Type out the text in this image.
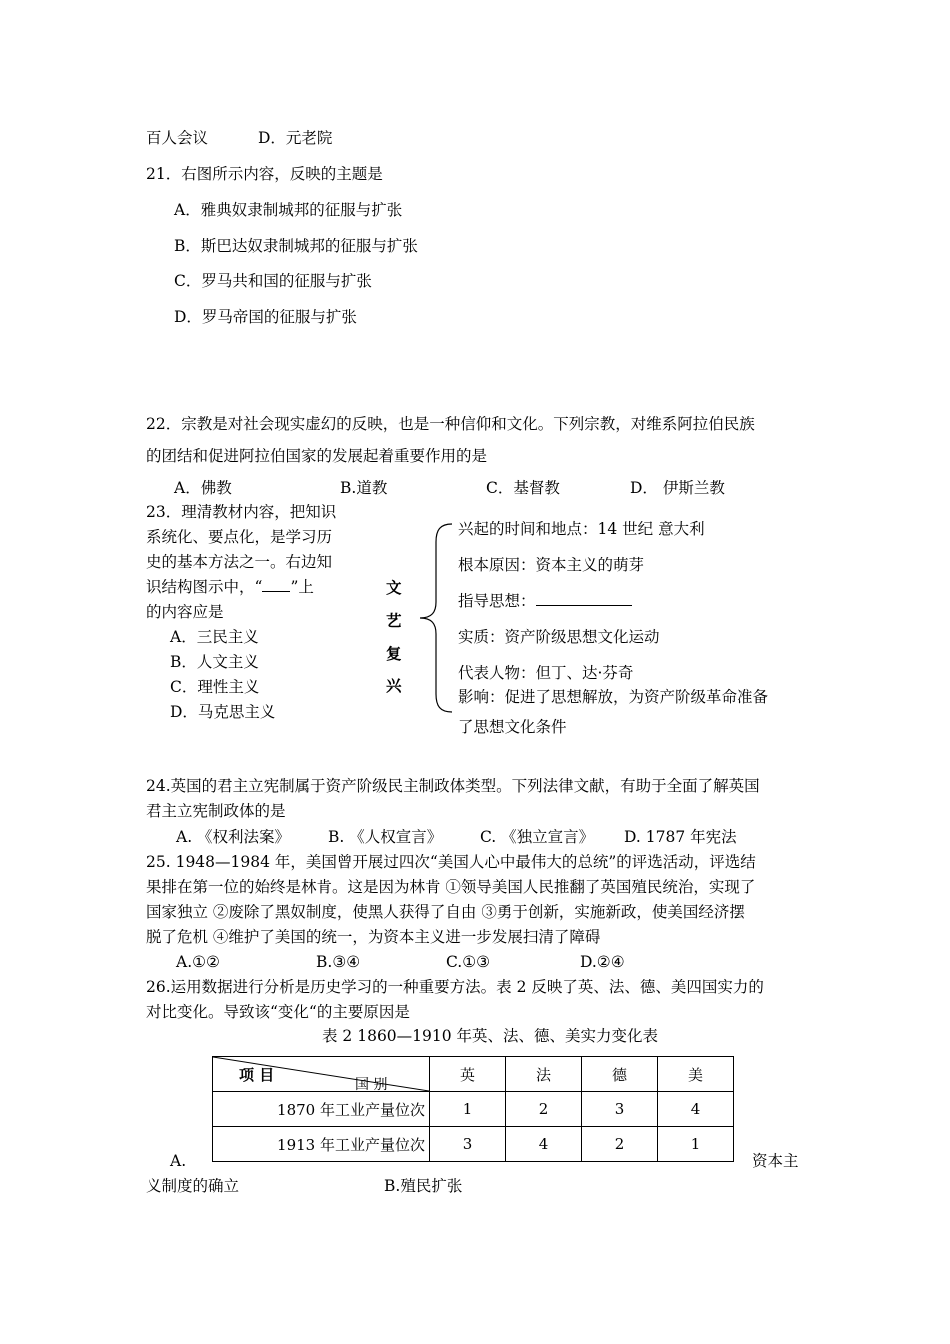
百人会议	D．元老院
21．右图所示内容，反映的主题是
A．雅典奴隶制城邦的征服与扩张
B．斯巴达奴隶制城邦的征服与扩张
C．罗马共和国的征服与扩张
D．罗马帝国的征服与扩张
22．宗教是对社会现实虚幻的反映，也是一种信仰和文化。下列宗教，对维系阿拉伯民族
的团结和促进阿拉伯国家的发展起着重要作用的是
A．佛教	B.道教	C．基督教	D． 伊斯兰教
23．理清教材内容，把知识
系统化、要点化，是学习历
史的基本方法之一。右边知
识结构图示中，“ ”上
的内容应是
A．三民主义
B．人文主义
C．理性主义
D．马克思主义
文
艺
复
兴
兴起的时间和地点：14 世纪 意大利
根本原因：资本主义的萌芽
指导思想：
实质：资产阶级思想文化运动
代表人物：但丁、达·芬奇
影响：促进了思想解放，为资产阶级革命准备
了思想文化条件
24.英国的君主立宪制属于资产阶级民主制政体类型。下列法律文献，有助于全面了解英国
君主立宪制政体的是
A. 《权利法案》 B. 《人权宣言》 C. 《独立宣言》 D. 1787 年宪法
25. 1948—1984 年，美国曾开展过四次“美国人心中最伟大的总统”的评选活动，评选结
果排在第一位的始终是林肯。这是因为林肯 ①领导美国人民推翻了英国殖民统治，实现了
国家独立 ②废除了黑奴制度，使黑人获得了自由 ③勇于创新，实施新政，使美国经济摆
脱了危机 ④维护了美国的统一，为资本主义进一步发展扫清了障碍
A.①②	B.③④	C.①③	D.②④
26.运用数据进行分析是历史学习的一种重要方法。表 2 反映了英、法、德、美四国实力的
对比变化。导致该“变化“的主要原因是
表 2 1860—1910 年英、法、德、美实力变化表
项 目
国 别	英	法	德	美
1870 年工业产量位次	1	2	3	4
1913 年工业产量位次	3	4	2	1
A.	资本主
义制度的确立	B.殖民扩张
